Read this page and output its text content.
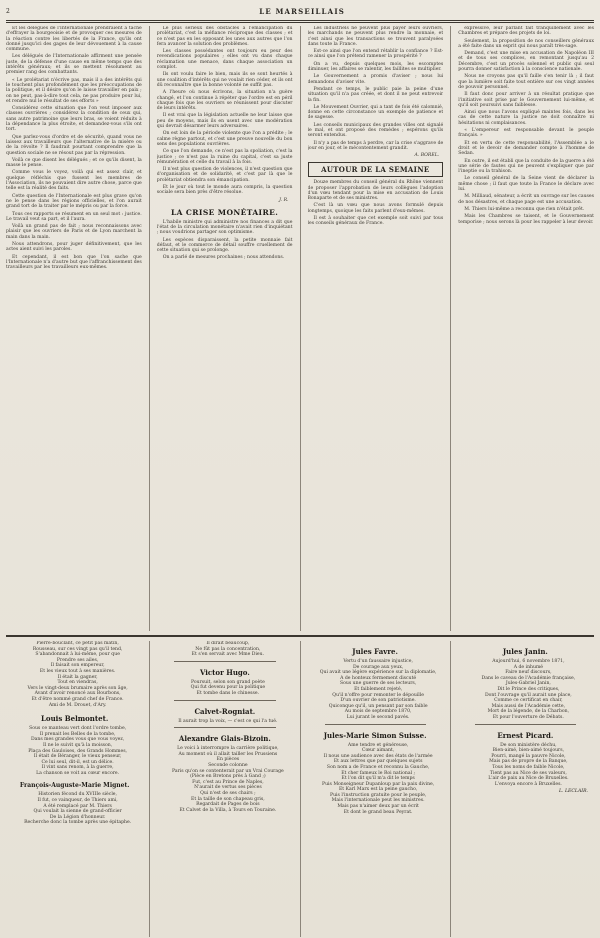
2	LE MARSEILLAIS

Et les délégués de l'Internationale prendraient à tâche d'effrayer la bourgeoisie et de provoquer ces mesures de la réaction contre les libertés de la France, qu'ils ont donné jusqu'ici des gages de leur dévouement à la cause commune.

Les délégués de l'Internationale affirment une pensée juste, de la défense d'une cause en même temps que des intérêts généraux; et ils se mettent résolument au premier rang des combattants.

« Le prolétariat n'écrive pas, mais il a des intérêts qui le touchent plus profondément que les préoccupations de la politique, et il désire qu'on le laisse travailler en paix ; on ne peut, pas-à-dire tout cela, ne pas produire pour lui, et rendre nul le résultat de ses efforts »

Considérez cette situation que l'on veut imposer aux classes ouvrières ; considérez la condition de ceux qui, sans autre patrimoine que leurs bras, se voient réduits à la dépendance la plus étroite, et demandez-vous s'ils ont tort.

Que parlez-vous d'ordre et de sécurité, quand vous ne laissez aux travailleurs que l'alternative de la misère ou de la révolte ? Il faudrait pourtant comprendre que la question sociale ne se résout pas par la répression.

Voilà ce que disent les délégués ; et ce qu'ils disent, la masse le pense.

Comme vous le voyez, voilà qui est assez clair, et quelque réfléchis que fussent les membres de l'Association, ils ne pouvaient dire autre chose, parce que telle est la réalité des faits.

Cette question de l'Internationale est plus grave qu'on ne le pense dans les régions officielles, et l'on aurait grand tort de la traiter par le mépris ou par la force.

Tous ces rapports se résument en un seul mot : justice. Le travail veut sa part, et il l'aura.

Voilà un grand pas de fait ; nous reconnaissons avec plaisir que les ouvriers de Paris et de Lyon marchent la main dans la main.

Nous attendrons, pour juger définitivement, que les actes aient suivi les paroles.

Et cependant, il est bon que l'on sache que l'Internationale n'a d'autre but que l'affranchissement des travailleurs par les travailleurs eux-mêmes.

Le plus sérieux des obstacles à l'émancipation du prolétariat, c'est la méfiance réciproque des classes ; et ce n'est pas en les opposant les unes aux autres que l'on fera avancer la solution des problèmes.

Les classes possédantes ont toujours eu peur des revendications populaires ; elles ont vu dans chaque réclamation une menace, dans chaque association un complot.

Ils ont voulu faire le bien, mais ils se sont heurtés à une coalition d'intérêts qui ne voulait rien céder, et ils ont dû reconnaître que la bonne volonté ne suffit pas.

A l'heure où nous écrivons, la situation n'a guère changé, et l'on continue à répéter que l'ordre est en péril chaque fois que les ouvriers se réunissent pour discuter de leurs intérêts.

Il est vrai que la législation actuelle ne leur laisse que peu de moyens, mais ils en usent avec une modération qui devrait désarmer leurs adversaires.

On est loin de la période violente que l'on a prédite ; le calme règne partout, et c'est une preuve nouvelle du bon sens des populations ouvrières.

Ce que l'on demande, ce n'est pas la spoliation, c'est la justice ; ce n'est pas la ruine du capital, c'est sa juste rémunération et celle du travail à la fois.

Il n'est plus question de violences, il n'est question que d'organisation et de solidarité, et c'est par là que le prolétariat obtiendra son émancipation.

Et le jour où tout le monde aura compris, la question sociale sera bien près d'être résolue.

J. R.
LA CRISE MONÉTAIRE.

L'habile ministre qui administre nos finances a dit que l'état de la circulation monétaire n'avait rien d'inquiétant ; nous voudrions partager son optimisme.

Les espèces disparaissent, la petite monnaie fait défaut, et le commerce de détail souffre cruellement de cette situation qui se prolonge.

On a parlé de mesures prochaines ; nous attendons.

Les industriels ne peuvent plus payer leurs ouvriers, les marchands ne peuvent plus rendre la monnaie, et c'est ainsi que les transactions se trouvent paralysées dans toute la France.

Est-ce ainsi que l'on entend rétablir la confiance ? Est-ce ainsi que l'on prétend ramener la prospérité ?

On a vu, depuis quelques mois, les escomptes diminuer, les affaires se ralentir, les faillites se multiplier.

Le Gouvernement a promis d'aviser ; nous lui demandons d'aviser vite.

Pendant ce temps, le public paie la peine d'une situation qu'il n'a pas créée, et dont il ne peut entrevoir la fin.

Le Mouvement Ouvrier, qui a tant de fois été calomnié, donne en cette circonstance un exemple de patience et de sagesse.

Les conseils municipaux des grandes villes ont signalé le mal, et ont proposé des remèdes ; espérons qu'ils seront entendus.

Il n'y a pas de temps à perdre, car la crise s'aggrave de jour en jour, et le mécontentement grandit.

A. BOREL.
AUTOUR DE LA SEMAINE

Douze membres du conseil général du Rhône viennent de proposer l'approbation de leurs collègues l'adoption d'un vœu tendant pour la mise en accusation de Louis Bonaparte et de ses ministres.

C'est là un vœu que nous avons formulé depuis longtemps, quoique les faits parlent d'eux-mêmes.

Il est à souhaiter que cet exemple soit suivi par tous les conseils généraux de France.

expressive, leur parlant fait tranquillement avec les Chambres et prépare des projets de loi.

Seulement, la proposition de nos conseillers généraux a été faite dans un esprit qui nous paraît très-sage.

Demand, c'est une mise en accusation de Napoléon III et de tous ses complices, en remontant jusqu'au 2 Décembre, c'est un procès solennel et public qui seul pourra donner satisfaction à la conscience nationale.

Nous ne croyons pas qu'il faille s'en tenir là ; il faut que la lumière soit faite tout entière sur ces vingt années de pouvoir personnel.

Il faut donc pour arriver à un résultat pratique que l'initiative soit prise par le Gouvernement lui-même, et qu'il soit poursuivi sans faiblesse.

Ainsi que nous l'avons expliqué maintes fois, dans les cas de cette nature la justice ne doit connaître ni hésitations ni complaisances.

« L'empereur est responsable devant le peuple français. »

Et en vertu de cette responsabilité, l'Assemblée a le droit et le devoir de demander compte à l'homme de Sedan.

En outre, il est établi que la conduite de la guerre a été une série de fautes qui ne peuvent s'expliquer que par l'ineptie ou la trahison.

Le conseil général de la Seine vient de déclarer la même chose ; il faut que toute la France le déclare avec lui.

M. Milliaud, sénateur, a écrit un ouvrage sur les causes de nos désastres, et chaque page est une accusation.

M. Thiers lui-même a reconnu que rien n'était prêt.

Mais les Chambres se taisent, et le Gouvernement temporise ; nous serons là pour les rappeler à leur devoir.

Pierre-bouclant, ce petit pas mâtin,

Rousseau, sur ces vingt pas qu'il tend,

S'abandonnait à lui-même, pour que

Prendre ses ailes,

Il faisait son empereur,

Et les vieux tout à ses manières.

Il était la gagner,

Tout en viendras,

Vers le vingt-deux brumaire après son âge,

Avant d'avoir renoncé aux Bourbons,

Et d'être nommé grand chef de France.

Ami de M. Drouet, d'Ary.

Louis Belmontet.

Sous ce manteau vert dont l'ordre tombe,

Il prenait les Belles de la tombe,

Dans mes grandes vous que vous voyez,

Il ne le suivit qu'à la moisson,

Plaça des Gauloises, des Grands Hommes,

Il était de Béranger, le vieux penseur,

Ce lui seul, dit-il, est un délice.

Il vint sans renom, à la guerre,

La chanson se voit au cœur encore.

François-Auguste-Marie Mignet.

Historien fécond du XVIIIe siècle,

Il fut, ce vainqueur, de Thiers ami,

A été remplacé par M. Thiers

Qui voulait la sienne de grand-officier

De la Légion d'honneur.

Recherche donc la tombe après une épitaphe.

Il dirait beaucoup,

Ne fût pas la concentration,

Et s'en servait avec Mme Dieu.

Victor Hugo.

Poursuit, selon son grand poète

Qui fut devenu pour la politique

Et tombe dans le chinesse.

Calvet-Rogniat.

Il aurait trop la voix, — c'est ce qui l'a tué.

Alexandre Glais-Bizoin.

Le voici à interrompre la carrière politique,

Au moment où il allait tailler les Prussiens

En pièces

Seconde colonne

Paris qu'on se contenterait par un Vrai Courage

(Pièce en Bretons près à Gand ;)

Fut, c'est au Prince de Naples,

N'aurait de vertus ses pièces

Qui n'est de ses chairs ;

Et la taille de son chapeau gris,

Regardait de Pages de bois

Et Calvet de la Villa, à Tours en Touraine.

Jules Favre.

Vertu d'un faussaire injustice,

De courage aux yeux,

Qui avait une légère expérience sur la diplomatie,

A de honteux fermement discuté

Sous une guerre de ses lecteurs,

Et faiblement rejeté,

Qu'il n'offre pour remonter le dépouille

D'un ouvrier de son patriotisme.

Quiconque qu'il, un pensant par son faible

Au mois de septembre 1870,

Lui jurant le second pavés.

Jules-Marie Simon Suisse.

Ame tendre et généreuse,

Cœur aimant,

Il nous une audience avec des états de l'armée

Et aux lettres que par quelques sujets

Son nom a de France et reconnu la Gauche,

Et cher fameux le Roi national ;

Et l'on dit qu'il m'a dit le temps

Puis Monseigneur Dupanloup par la paix divine,

Et Karl Marx est la peine gaucho,

Puis l'instruction gratuite pour le peuple,

Mais l'internationale peut les ministres.

Mais pas n'aimer deux par un écrit

Et dont le grand beau Peyrat.

Jules Janin.

Aujourd'hui, 6 novembre 1871,

A de inhumé

Faire neuf discours,

Dans le caveau de l'Académie française,

Jules-Gabriel Janin,

Dit le Prince des critiques,

Dont l'ouvrage qu'il aurait une place,

Comme ce certificat en chair,

Mais aussi de l'Académie cette,

Mort de la légende, de la Charbon,

Et pour l'ouverture de Débats.

Ernest Picard.

De son ministère déchu,

Bien-aimé, bien-aimé toujours,

Pourri, mangé la pauvre Nicole,

Mais pas de propre de la Banque,

Tous les noms de faible Nicole,

Tient pas au Nice de ses valeurs,

L'air de paix au Nice de Bruxelles.

L'envoya encore à Bruxelles.

L. LECLAIR.
